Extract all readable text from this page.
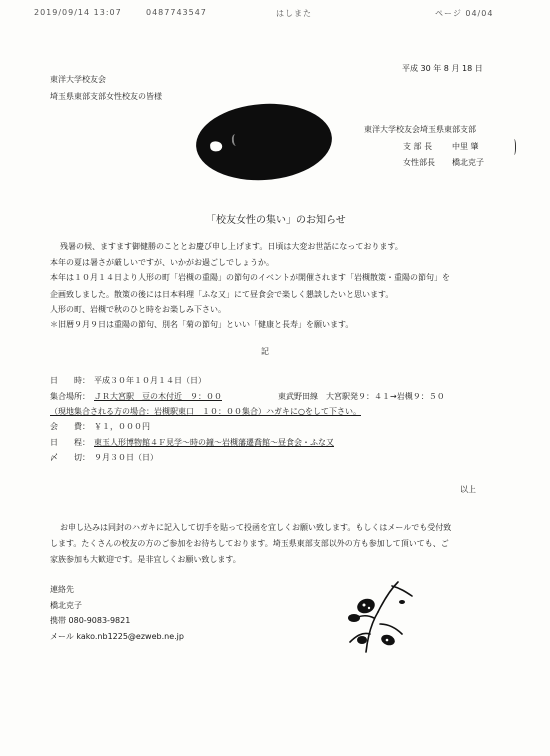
2019/09/14 13:07	0487743547	はしまた	ページ 04/04
平成 30 年 8 月 18 日
東洋大学校友会
埼玉県東部支部女性校友の皆様
東洋大学校友会埼玉県東部支部
支 部 長 中里 肇
女性部長 橋北克子
「校友女性の集い」のお知らせ
残暑の候、ますます御健勝のこととお慶び申し上げます。日頃は大変お世話になっております。
本年の夏は暑さが厳しいですが、いかがお過ごしでしょうか。
本年は１０月１４日より人形の町「岩槻の重陽」の節句のイベントが開催されます「岩槻散策・重陽の節句」を
企画致しました。散策の後には日本料理「ふな又」にて昼食会で楽しく懇談したいと思います。
人形の町、岩槻で秋のひと時をお楽しみ下さい。
＊旧暦９月９日は重陽の節句、別名「菊の節句」といい「健康と長寿」を願います。
記
日　　時： 平成３０年１０月１４日（日）
集合場所： ＪＲ大宮駅　豆の木付近　９：００	東武野田線　大宮駅発９：４１→岩槻９：５０
（現地集合される方の場合：岩槻駅東口　１０：００集合）ハガキに○をして下さい。
会　　費： ￥１，０００円
日　　程： 東玉人形博物館４Ｆ見学～時の鐘～岩槻藩遷喬館～昼食会・ふな又
〆　　切： ９月３０日（日）
以上
お申し込みは同封のハガキに記入して切手を貼って投函を宜しくお願い致します。もしくはメールでも受付致
します。たくさんの校友の方のご参加をお待ちしております。埼玉県東部支部以外の方も参加して頂いても、ご
家族参加も大歓迎です。是非宜しくお願い致します。
連絡先
橋北克子
携帯 080-9083-9821
メール kako.nb1225@ezweb.ne.jp
